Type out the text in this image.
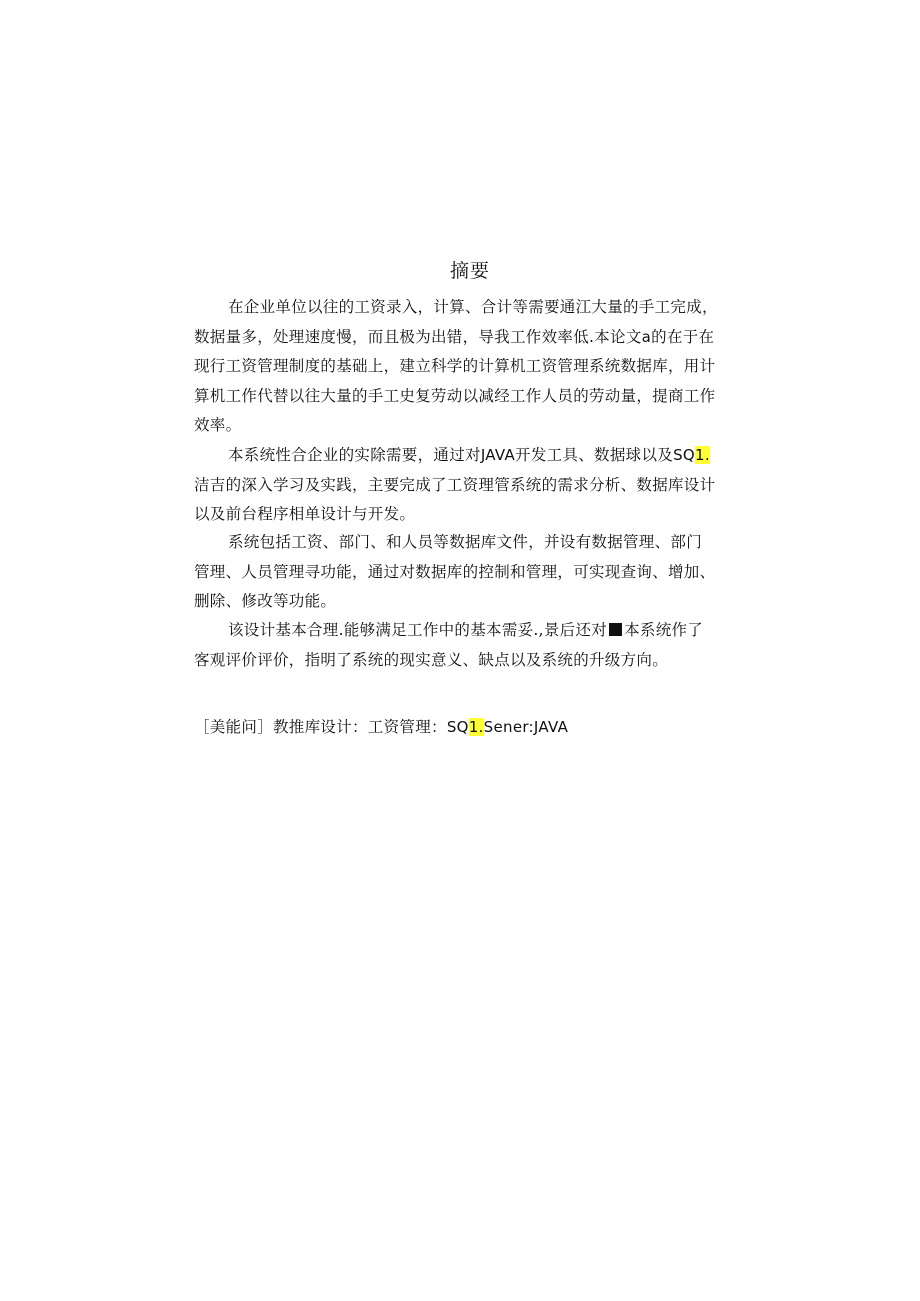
摘要

在企业单位以往的工资录入，计算、合计等需要通江大量的手工完成，
数据量多，处理速度慢，而且极为出错，导我工作效率低.本论文a的在于在
现行工资管理制度的基础上，建立科学的计算机工资管理系统数据库，用计
算机工作代替以往大量的手工史复劳动以减经工作人员的劳动量，提商工作
效率。

本系统性合企业的实除需要，通过对JAVA开发工具、数据球以及SQ1.
洁吉的深入学习及实践，主要完成了工资理管系统的需求分析、数据库设计
以及前台程序相单设计与开发。

系统包括工资、部门、和人员等数据库文件，并设有数据管理、部门
管理、人员管理寻功能，通过对数据库的控制和管理，可实现查询、增加、
删除、修改等功能。

该设计基本合理.能够满足工作中的基本需妥.,景后还对 本系统作了
客观评价评价，指明了系统的现实意义、缺点以及系统的升级方向。

［美能问］教推库设计：工资管理：SQ1.Sener:JAVA
